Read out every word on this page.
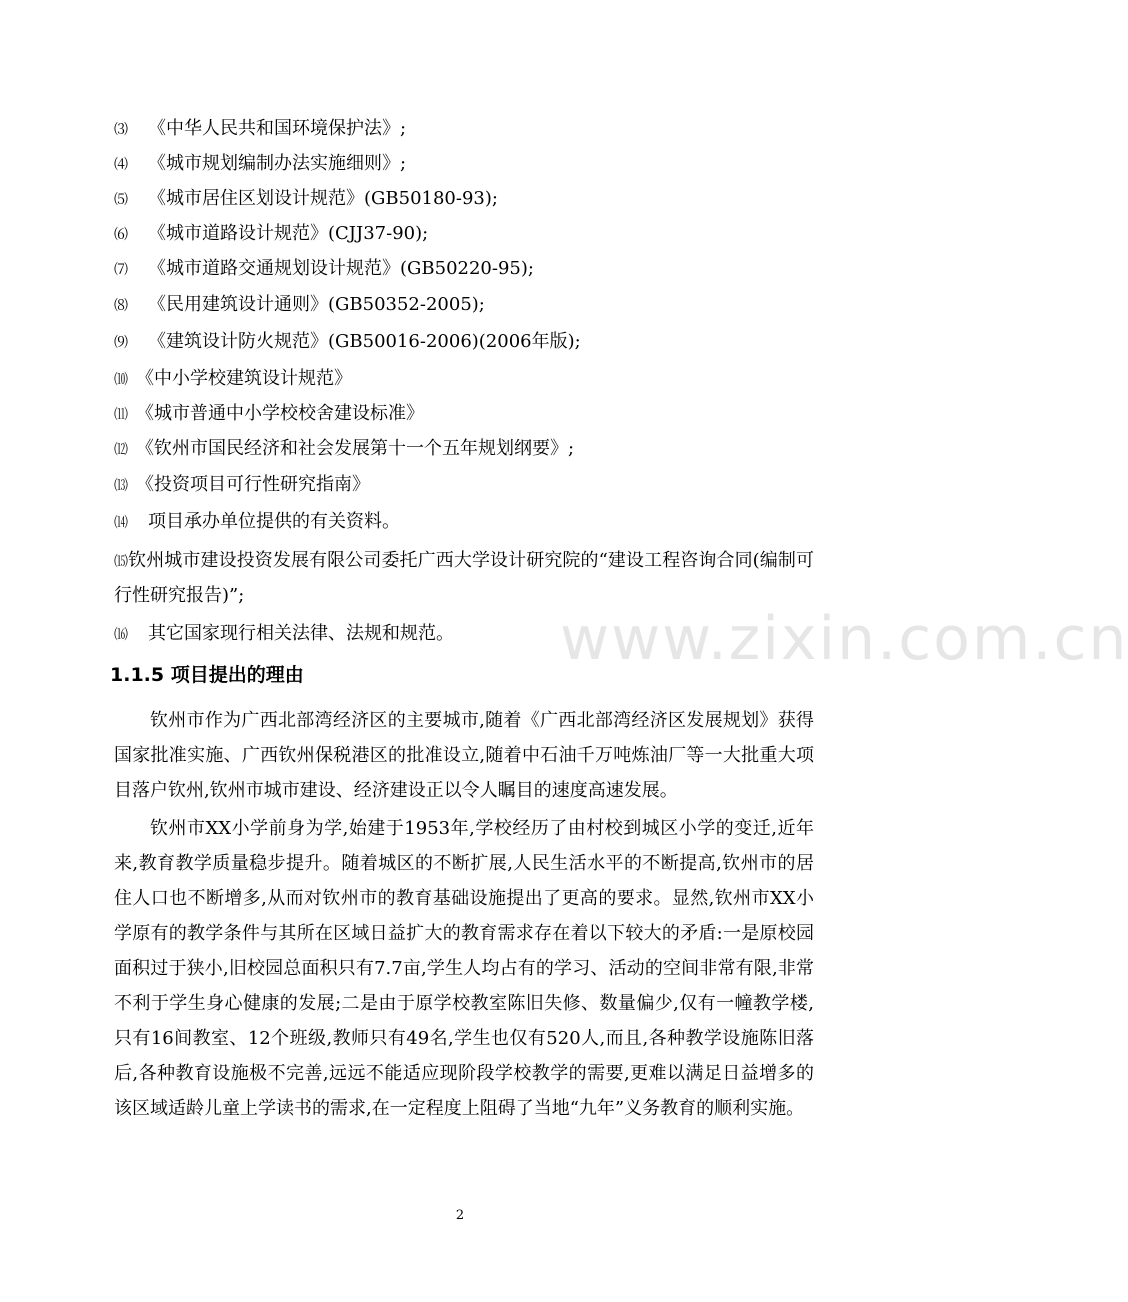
www.zixin.com.cn
⑶ 《中华人民共和国环境保护法》;
⑷ 《城市规划编制办法实施细则》;
⑸ 《城市居住区划设计规范》(GB50180-93);
⑹ 《城市道路设计规范》(CJJ37-90);
⑺ 《城市道路交通规划设计规范》(GB50220-95);
⑻ 《民用建筑设计通则》(GB50352-2005);
⑼ 《建筑设计防火规范》(GB50016-2006)(2006年版);
⑽ 《中小学校建筑设计规范》
⑾ 《城市普通中小学校校舍建设标准》
⑿ 《钦州市国民经济和社会发展第十一个五年规划纲要》;
⒀ 《投资项目可行性研究指南》
⒁ 项目承办单位提供的有关资料。
⒂钦州城市建设投资发展有限公司委托广西大学设计研究院的“建设工程咨询合同(编制可行性研究报告)”;
⒃ 其它国家现行相关法律、法规和规范。
1.1.5 项目提出的理由

钦州市作为广西北部湾经济区的主要城市,随着《广西北部湾经济区发展规划》获得国家批准实施、广西钦州保税港区的批准设立,随着中石油千万吨炼油厂等一大批重大项目落户钦州,钦州市城市建设、经济建设正以令人瞩目的速度高速发展。

钦州市XX小学前身为学,始建于1953年,学校经历了由村校到城区小学的变迁,近年来,教育教学质量稳步提升。随着城区的不断扩展,人民生活水平的不断提高,钦州市的居住人口也不断增多,从而对钦州市的教育基础设施提出了更高的要求。显然,钦州市XX小学原有的教学条件与其所在区域日益扩大的教育需求存在着以下较大的矛盾:一是原校园面积过于狭小,旧校园总面积只有7.7亩,学生人均占有的学习、活动的空间非常有限,非常不利于学生身心健康的发展;二是由于原学校教室陈旧失修、数量偏少,仅有一幢教学楼,只有16间教室、12个班级,教师只有49名,学生也仅有520人,而且,各种教学设施陈旧落后,各种教育设施极不完善,远远不能适应现阶段学校教学的需要,更难以满足日益增多的该区域适龄儿童上学读书的需求,在一定程度上阻碍了当地“九年”义务教育的顺利实施。

2
